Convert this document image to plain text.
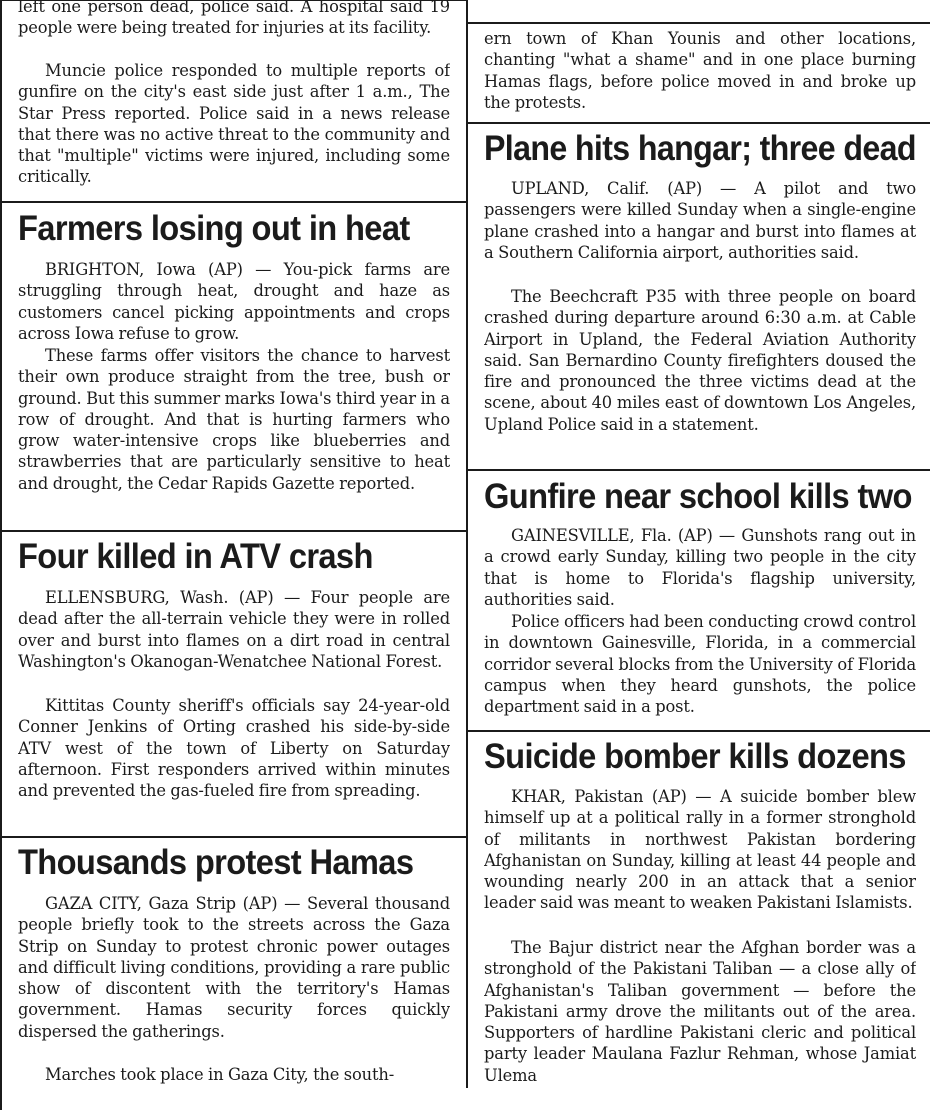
left one person dead, police said. A hospital said 19 people were being treated for injuries at its facility.

Muncie police responded to multiple reports of gunfire on the city's east side just after 1 a.m., The Star Press reported. Police said in a news release that there was no active threat to the community and that "multiple" victims were injured, including some critically.

Farmers losing out in heat

BRIGHTON, Iowa (AP) — You-pick farms are struggling through heat, drought and haze as customers cancel picking appointments and crops across Iowa refuse to grow.

These farms offer visitors the chance to harvest their own produce straight from the tree, bush or ground. But this summer marks Iowa's third year in a row of drought. And that is hurting farmers who grow water-intensive crops like blueberries and strawberries that are particularly sensitive to heat and drought, the Cedar Rapids Gazette reported.

Four killed in ATV crash

ELLENSBURG, Wash. (AP) — Four people are dead after the all-terrain vehicle they were in rolled over and burst into flames on a dirt road in central Washington's Okanogan-Wenatchee National Forest.

Kittitas County sheriff's officials say 24-year-old Conner Jenkins of Orting crashed his side-by-side ATV west of the town of Liberty on Saturday afternoon. First responders arrived within minutes and prevented the gas-fueled fire from spreading.

Thousands protest Hamas

GAZA CITY, Gaza Strip (AP) — Several thousand people briefly took to the streets across the Gaza Strip on Sunday to protest chronic power outages and difficult living conditions, providing a rare public show of discontent with the territory's Hamas government. Hamas security forces quickly dispersed the gatherings.

Marches took place in Gaza City, the south-

ern town of Khan Younis and other locations, chanting "what a shame" and in one place burning Hamas flags, before police moved in and broke up the protests.

Plane hits hangar; three dead

UPLAND, Calif. (AP) — A pilot and two passengers were killed Sunday when a single-engine plane crashed into a hangar and burst into flames at a Southern California airport, authorities said.

The Beechcraft P35 with three people on board crashed during departure around 6:30 a.m. at Cable Airport in Upland, the Federal Aviation Authority said. San Bernardino County firefighters doused the fire and pronounced the three victims dead at the scene, about 40 miles east of downtown Los Angeles, Upland Police said in a statement.

Gunfire near school kills two

GAINESVILLE, Fla. (AP) — Gunshots rang out in a crowd early Sunday, killing two people in the city that is home to Florida's flagship university, authorities said.

Police officers had been conducting crowd control in downtown Gainesville, Florida, in a commercial corridor several blocks from the University of Florida campus when they heard gunshots, the police department said in a post.

Suicide bomber kills dozens

KHAR, Pakistan (AP) — A suicide bomber blew himself up at a political rally in a former stronghold of militants in northwest Pakistan bordering Afghanistan on Sunday, killing at least 44 people and wounding nearly 200 in an attack that a senior leader said was meant to weaken Pakistani Islamists.

The Bajur district near the Afghan border was a stronghold of the Pakistani Taliban — a close ally of Afghanistan's Taliban government — before the Pakistani army drove the militants out of the area. Supporters of hardline Pakistani cleric and political party leader Maulana Fazlur Rehman, whose Jamiat Ulema
